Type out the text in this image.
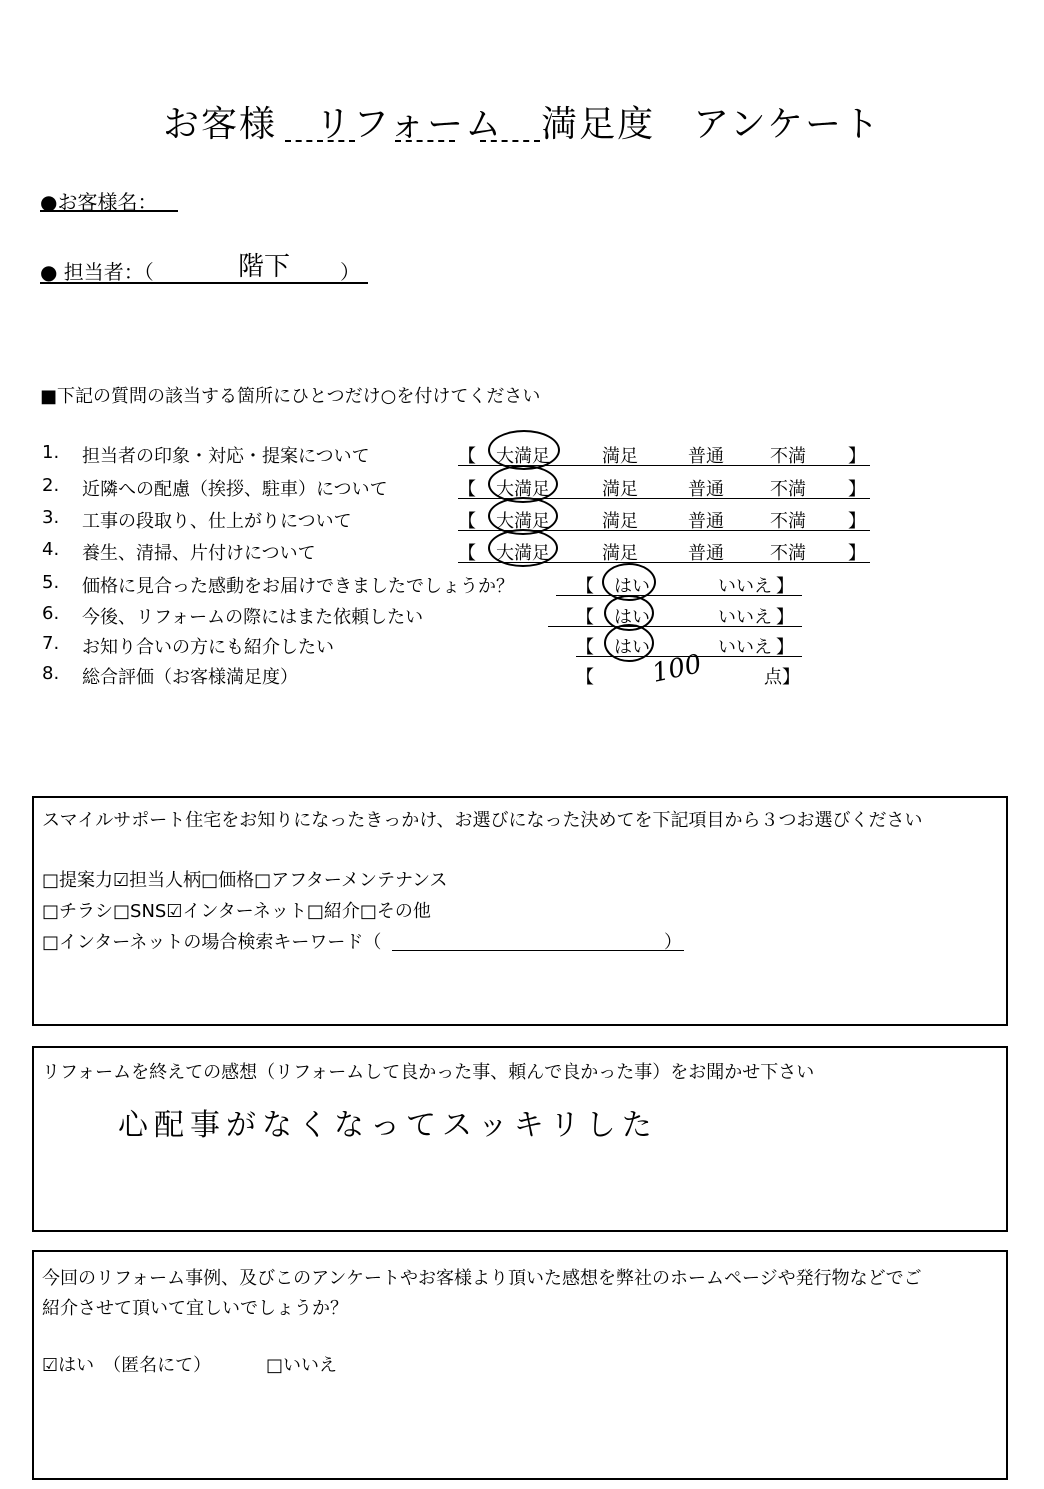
お客様　リフォーム　満足度　アンケート
●お客様名：
● 担当者：（	階下 ）
■下記の質問の該当する箇所にひとつだけ○を付けてください
1. 担当者の印象・対応・提案について	【 大満足	満足	普通	不満 】
2. 近隣への配慮（挨拶、駐車）について	【 大満足	満足	普通	不満 】
3. 工事の段取り、仕上がりについて	【 大満足	満足	普通	不満 】
4. 養生、清掃、片付けについて	【 大満足	満足	普通	不満 】
5. 価格に見合った感動をお届けできましたでしょうか？	【 はい	いいえ 】
6. 今後、リフォームの際にはまた依頼したい	【 はい	いいえ 】
7. お知り合いの方にも紹介したい	【 はい	いいえ 】
8. 総合評価（お客様満足度）	【 100	点】
スマイルサポート住宅をお知りになったきっかけ、お選びになった決めてを下記項目から３つお選びください
□提案力☑担当人柄□価格□アフターメンテナンス
□チラシ□SNS☑インターネット□紹介□その他
□インターネットの場合検索キーワード（	）
リフォームを終えての感想（リフォームして良かった事、頼んで良かった事）をお聞かせ下さい
心配事がなくなってスッキリした
今回のリフォーム事例、及びこのアンケートやお客様より頂いた感想を弊社のホームページや発行物などでご
紹介させて頂いて宜しいでしょうか？
☑はい　（匿名にて）	□いいえ
